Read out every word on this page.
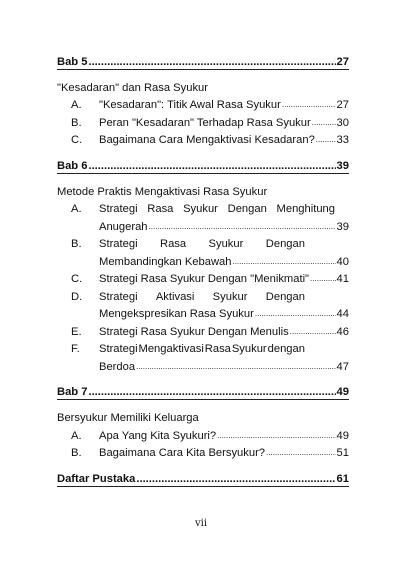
Bab 5 .....	27
"Kesadaran" dan Rasa Syukur
A.	"Kesadaran": Titik Awal Rasa Syukur .....	27
B.	Peran "Kesadaran" Terhadap Rasa Syukur ..... 30
C.	Bagaimana Cara Mengaktivasi Kesadaran? ..... 33
Bab 6 .....	39
Metode Praktis Mengaktivasi Rasa Syukur
A.	Strategi Rasa Syukur Dengan Menghitung
Anugerah .....	39
B.	Strategi Rasa Syukur Dengan
Membandingkan Kebawah .....	40
C.	Strategi Rasa Syukur Dengan "Menikmati" ..... 41
D.	Strategi Aktivasi Syukur Dengan
Mengekspresikan Rasa Syukur .....	44
E.	Strategi Rasa Syukur Dengan Menulis .....	46
F.	Strategi Mengaktivasi Rasa Syukur dengan
Berdoa .....	47
Bab 7 .....	49
Bersyukur Memiliki Keluarga
A.	Apa Yang Kita Syukuri? .....	49
B.	Bagaimana Cara Kita Bersyukur? .....	51
Daftar Pustaka .....	61
vii
